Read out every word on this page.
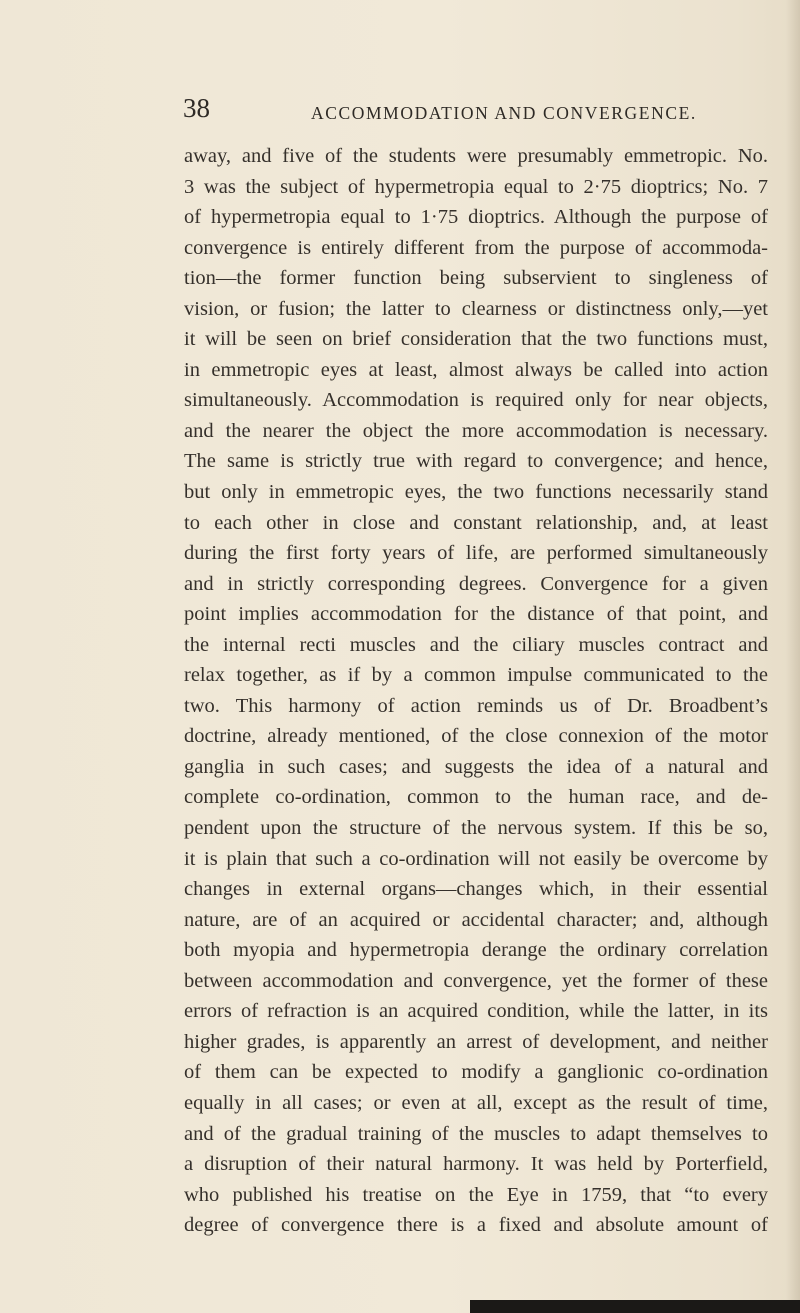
38	ACCOMMODATION AND CONVERGENCE.
away, and five of the students were presumably emmetropic. No.
3 was the subject of hypermetropia equal to 2·75 dioptrics; No. 7
of hypermetropia equal to 1·75 dioptrics. Although the purpose of
convergence is entirely different from the purpose of accommoda-
tion—the former function being subservient to singleness of
vision, or fusion; the latter to clearness or distinctness only,—yet
it will be seen on brief consideration that the two functions must,
in emmetropic eyes at least, almost always be called into action
simultaneously. Accommodation is required only for near objects,
and the nearer the object the more accommodation is necessary.
The same is strictly true with regard to convergence; and hence,
but only in emmetropic eyes, the two functions necessarily stand
to each other in close and constant relationship, and, at least
during the first forty years of life, are performed simultaneously
and in strictly corresponding degrees. Convergence for a given
point implies accommodation for the distance of that point, and
the internal recti muscles and the ciliary muscles contract and
relax together, as if by a common impulse communicated to the
two. This harmony of action reminds us of Dr. Broadbent’s
doctrine, already mentioned, of the close connexion of the motor
ganglia in such cases; and suggests the idea of a natural and
complete co-ordination, common to the human race, and de-
pendent upon the structure of the nervous system. If this be so,
it is plain that such a co-ordination will not easily be overcome by
changes in external organs—changes which, in their essential
nature, are of an acquired or accidental character; and, although
both myopia and hypermetropia derange the ordinary correlation
between accommodation and convergence, yet the former of these
errors of refraction is an acquired condition, while the latter, in its
higher grades, is apparently an arrest of development, and neither
of them can be expected to modify a ganglionic co-ordination
equally in all cases; or even at all, except as the result of time,
and of the gradual training of the muscles to adapt themselves to
a disruption of their natural harmony. It was held by Porterfield,
who published his treatise on the Eye in 1759, that “to every
degree of convergence there is a fixed and absolute amount of
